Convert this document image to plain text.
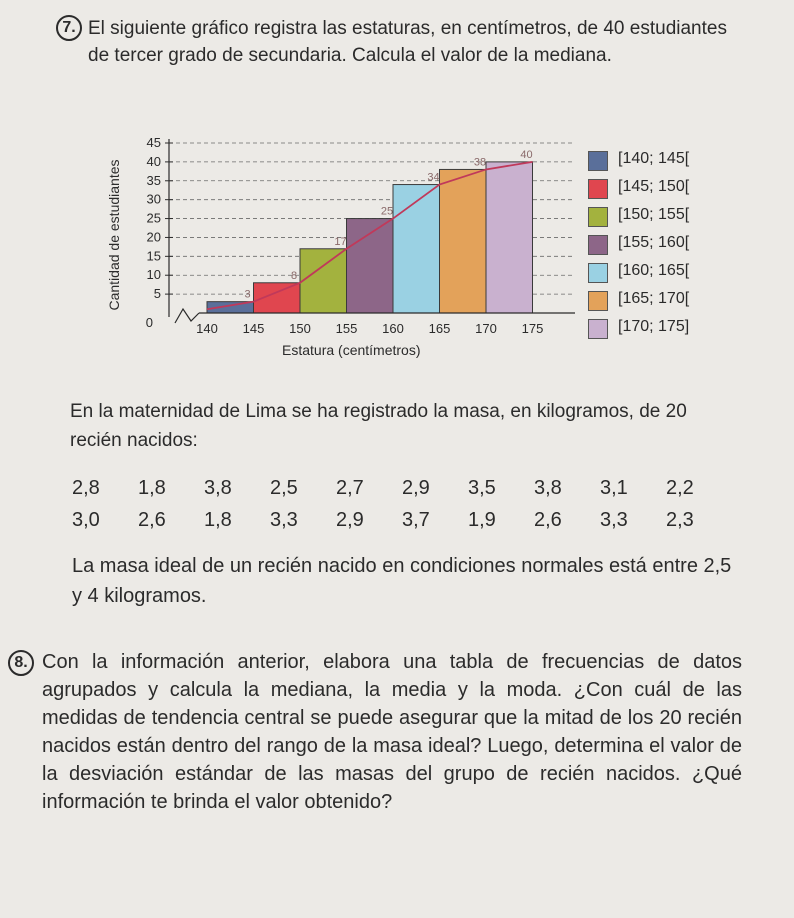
7. El siguiente gráfico registra las estaturas, en centímetros, de 40 estudiantes de tercer grado de secundaria. Calcula el valor de la mediana.

3
8
17
25
34
38
40
0
5
10
15
20
25
30
35
40
45
140 145 150 155 160 165 170 175
Cantidad de estudiantes
Estatura (centímetros)
[140; 145[
[145; 150[
[150; 155[
[155; 160[
[160; 165[
[165; 170[
[170; 175]

En la maternidad de Lima se ha registrado la masa, en kilogramos, de 20 recién nacidos:

2,8	1,8	3,8	2,5	2,7	2,9	3,5	3,8	3,1	2,2
3,0	2,6	1,8	3,3	2,9	3,7	1,9	2,6	3,3	2,3

La masa ideal de un recién nacido en condiciones normales está entre 2,5 y 4 kilogramos.

8. Con la información anterior, elabora una tabla de frecuencias de datos agrupados y calcula la mediana, la media y la moda. ¿Con cuál de las medidas de tendencia central se puede asegurar que la mitad de los 20 recién nacidos están dentro del rango de la masa ideal? Luego, determina el valor de la desviación estándar de las masas del grupo de recién nacidos. ¿Qué información te brinda el valor obtenido?
